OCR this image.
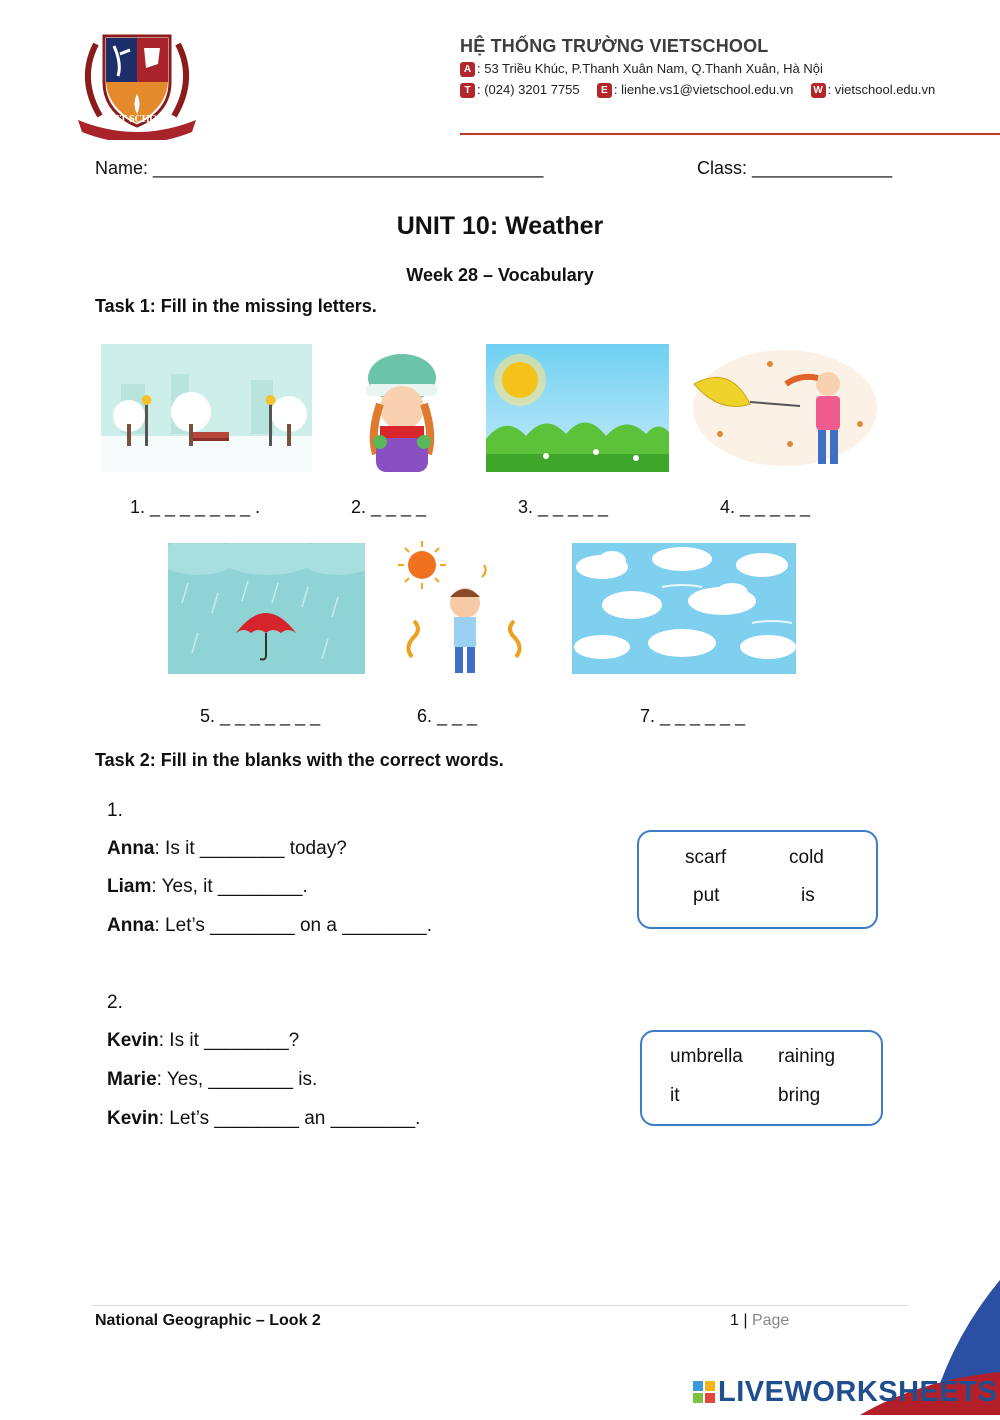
VIET SCHOOL
HỆ THỐNG TRƯỜNG VIETSCHOOL
A : 53 Triều Khúc, P.Thanh Xuân Nam, Q.Thanh Xuân, Hà Nội
T : (024) 3201 7755 E : lienhe.vs1@vietschool.edu.vn W : vietschool.edu.vn
Name: _______________________________________	Class: ______________
UNIT 10: Weather
Week 28 – Vocabulary
Task 1: Fill in the missing letters.
1. _ _ _ _ _ _ _ .	2. _ _ _ _	3. _ _ _ _ _	4. _ _ _ _ _
5. _ _ _ _ _ _ _	6. _ _ _	7. _ _ _ _ _ _
Task 2: Fill in the blanks with the correct words.
1.
Anna: Is it ________ today?
Liam: Yes, it ________.
Anna: Let’s ________ on a ________.
scarf	cold
put	is
2.
Kevin: Is it ________?
Marie: Yes, ________ is.
Kevin: Let’s ________ an ________.
umbrella raining
it	bring
National Geographic – Look 2	1 | Page
LIVEWORKSHEETS
